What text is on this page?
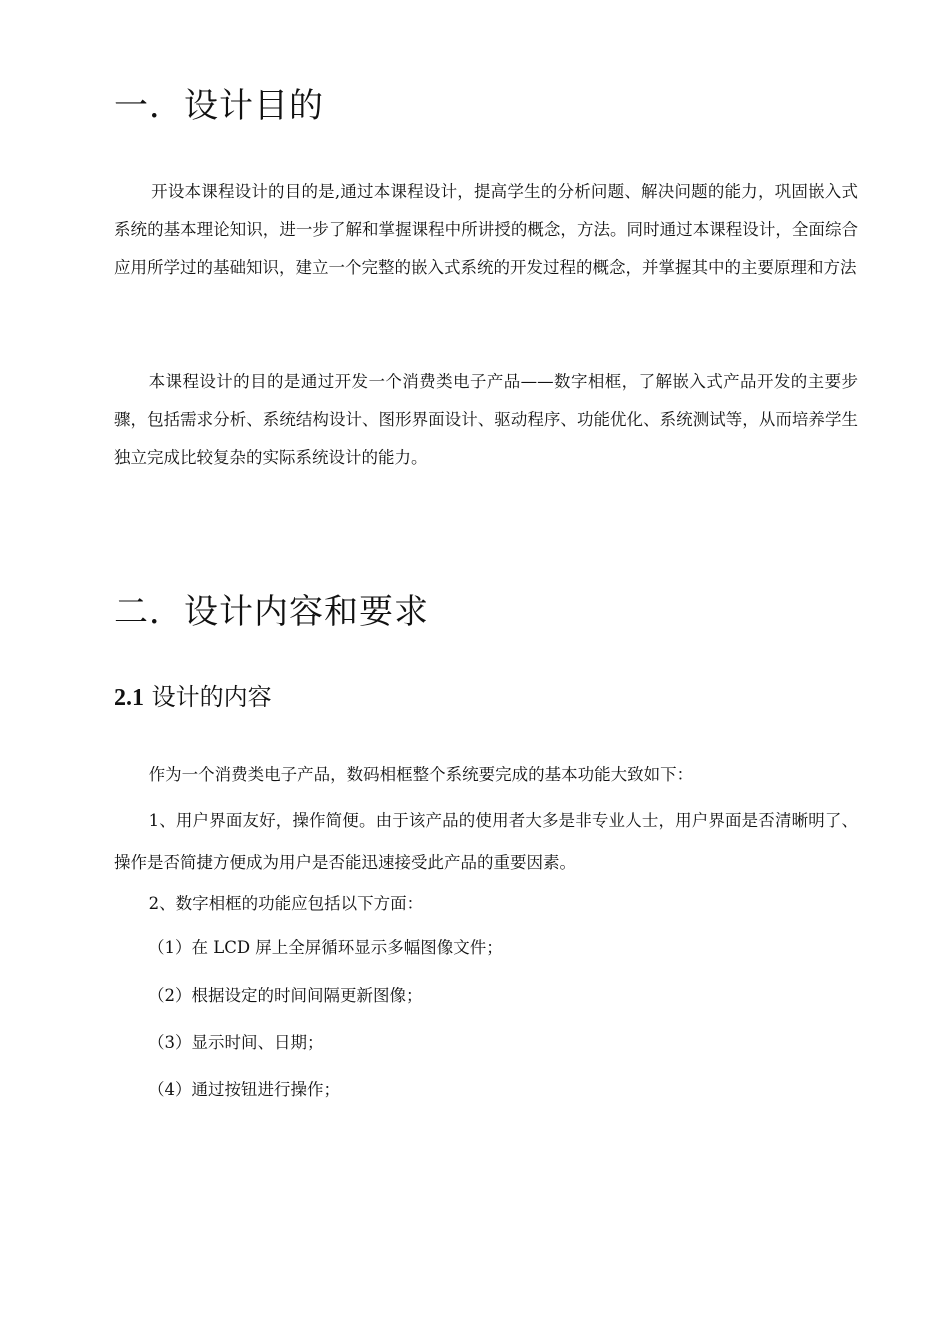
一．设计目的

开设本课程设计的目的是,通过本课程设计，提高学生的分析问题、解决问题的能力，巩固嵌入式系统的基本理论知识，进一步了解和掌握课程中所讲授的概念，方法。同时通过本课程设计，全面综合应用所学过的基础知识，建立一个完整的嵌入式系统的开发过程的概念，并掌握其中的主要原理和方法

本课程设计的目的是通过开发一个消费类电子产品——数字相框，了解嵌入式产品开发的主要步骤，包括需求分析、系统结构设计、图形界面设计、驱动程序、功能优化、系统测试等，从而培养学生独立完成比较复杂的实际系统设计的能力。

二．设计内容和要求
2.1 设计的内容

作为一个消费类电子产品，数码相框整个系统要完成的基本功能大致如下：

1、用户界面友好，操作简便。由于该产品的使用者大多是非专业人士，用户界面是否清晰明了、操作是否简捷方便成为用户是否能迅速接受此产品的重要因素。

2、数字相框的功能应包括以下方面：

（1）在 LCD 屏上全屏循环显示多幅图像文件；

（2）根据设定的时间间隔更新图像；

（3）显示时间、日期；

（4）通过按钮进行操作；
